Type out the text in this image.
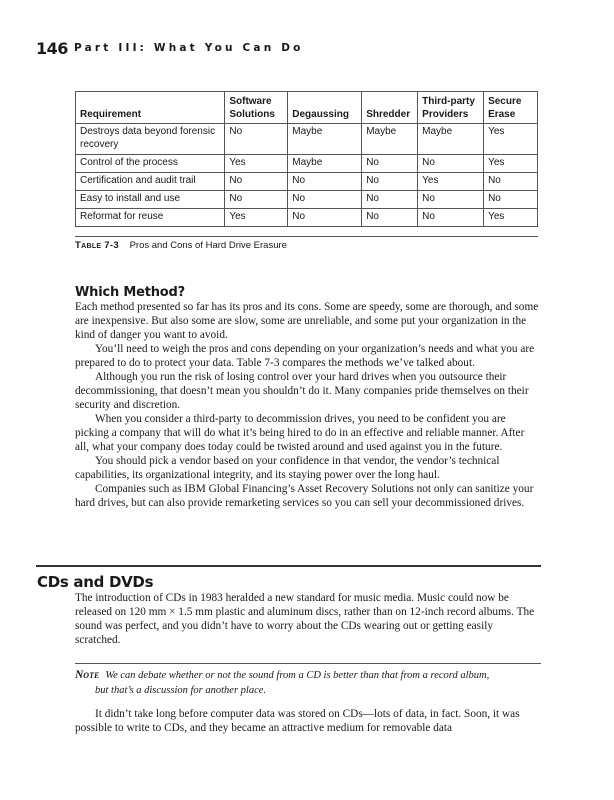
146 Part III: What You Can Do
Requirement	Software Solutions	Degaussing	Shredder	Third-party Providers	Secure Erase
Destroys data beyond forensic recovery	No	Maybe	Maybe	Maybe	Yes
Control of the process	Yes	Maybe	No	No	Yes
Certification and audit trail	No	No	No	Yes	No
Easy to install and use	No	No	No	No	No
Reformat for reuse	Yes	No	No	No	Yes
Table 7-3 Pros and Cons of Hard Drive Erasure
Which Method?

Each method presented so far has its pros and its cons. Some are speedy, some are thorough, and some are inexpensive. But also some are slow, some are unreliable, and some put your organization in the kind of danger you want to avoid.

You’ll need to weigh the pros and cons depending on your organization’s needs and what you are prepared to do to protect your data. Table 7-3 compares the methods we’ve talked about.

Although you run the risk of losing control over your hard drives when you outsource their decommissioning, that doesn’t mean you shouldn’t do it. Many companies pride themselves on their security and discretion.

When you consider a third-party to decommission drives, you need to be confident you are picking a company that will do what it’s being hired to do in an effective and reliable manner. After all, what your company does today could be twisted around and used against you in the future.

You should pick a vendor based on your confidence in that vendor, the vendor’s technical capabilities, its organizational integrity, and its staying power over the long haul.

Companies such as IBM Global Financing’s Asset Recovery Solutions not only can sanitize your hard drives, but can also provide remarketing services so you can sell your decommissioned drives.

CDs and DVDs

The introduction of CDs in 1983 heralded a new standard for music media. Music could now be released on 120 mm × 1.5 mm plastic and aluminum discs, rather than on 12-inch record albums. The sound was perfect, and you didn’t have to worry about the CDs wearing out or getting easily scratched.

Note We can debate whether or not the sound from a CD is better than that from a record album,
but that’s a discussion for another place.

It didn’t take long before computer data was stored on CDs—lots of data, in fact. Soon, it was possible to write to CDs, and they became an attractive medium for removable data
